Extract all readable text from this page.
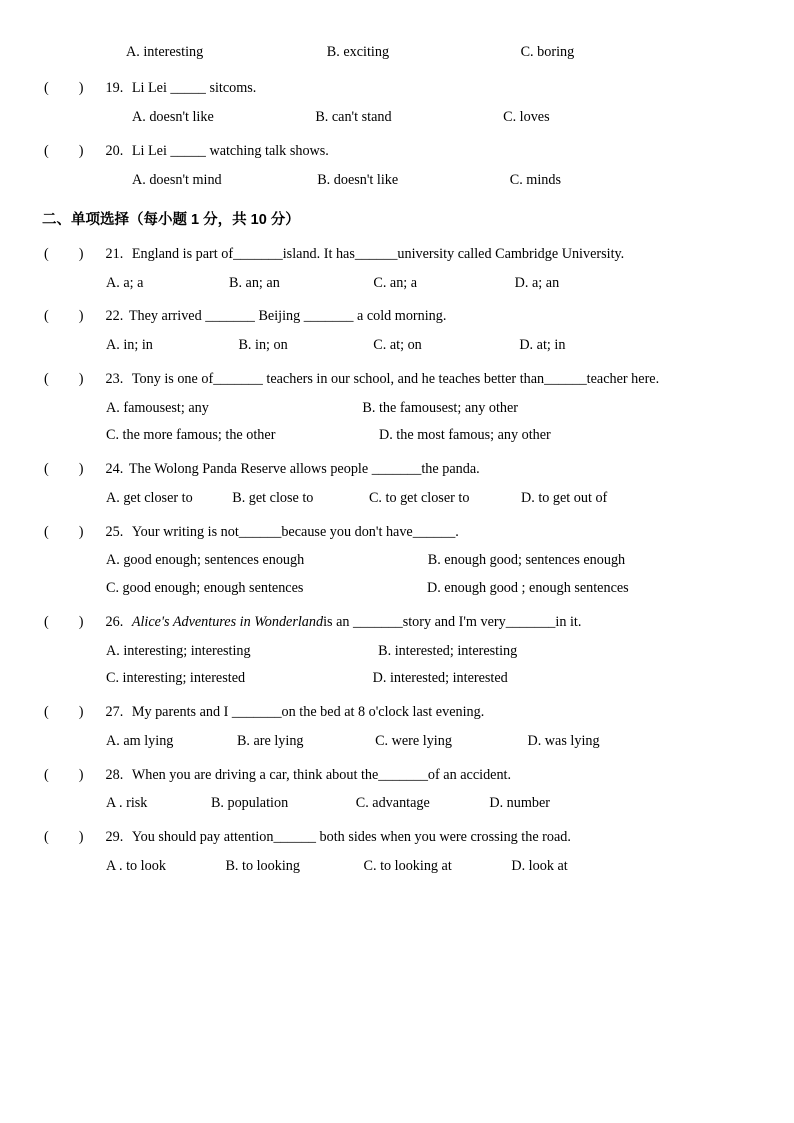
A. interesting	B. exciting	C. boring
( ) 19. Li Lei _____ sitcoms.
A. doesn't like	B. can't stand	C. loves
( ) 20. Li Lei _____ watching talk shows.
A. doesn't mind	B. doesn't like	C. minds
二、单项选择（每小题 1 分，共 10 分）
( ) 21. England is part of_______island. It has______university called Cambridge University.
A. a; a	B. an; an	C. an; a	D. a; an
( ) 22. They arrived _______ Beijing _______ a cold morning.
A. in; in	B. in; on	C. at; on	D. at; in
( ) 23. Tony is one of_______ teachers in our school, and he teaches better than______teacher here.
A. famousest; any	B. the famousest; any other
C. the more famous; the other	D. the most famous; any other
( ) 24. The Wolong Panda Reserve allows people _______the panda.
A. get closer to	B. get close to	C. to get closer to	D. to get out of
( ) 25. Your writing is not______because you don't have______.
A. good enough; sentences enough	B. enough good; sentences enough
C. good enough; enough sentences	D. enough good ; enough sentences
( ) 26. Alice's Adventures in Wonderlandis an _______story and I'm very_______in it.
A. interesting; interesting	B. interested; interesting
C. interesting; interested	D. interested; interested
( ) 27. My parents and I _______on the bed at 8 o'clock last evening.
A. am lying	B. are lying	C. were lying	D. was lying
( ) 28. When you are driving a car, think about the_______of an accident.
A . risk	B. population	C. advantage	D. number
( ) 29. You should pay attention______ both sides when you were crossing the road.
A . to look	B. to looking	C. to looking at	D. look at
